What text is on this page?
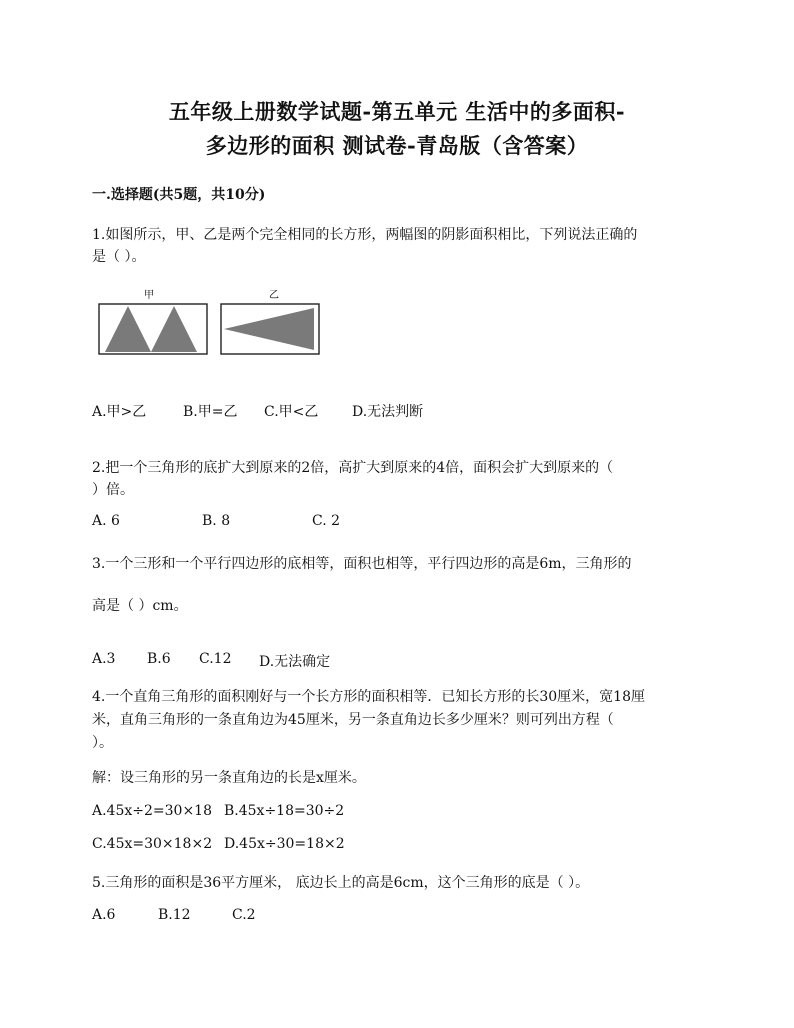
五年级上册数学试题-第五单元 生活中的多面积-
多边形的面积 测试卷-青岛版（含答案）
一.选择题(共5题，共10分)
1.如图所示，甲、乙是两个完全相同的长方形，两幅图的阴影面积相比，下列说法正确的
是（ ）。
甲	乙
A.甲>乙	B.甲=乙 C.甲<乙 D.无法判断
2.把一个三角形的底扩大到原来的2倍，高扩大到原来的4倍，面积会扩大到原来的（
）倍。
A. 6	B. 8	C. 2
3.一个三形和一个平行四边形的底相等，面积也相等，平行四边形的高是6m，三角形的
高是（ ）cm。
A.3 B.6 C.12 D.无法确定
4.一个直角三角形的面积刚好与一个长方形的面积相等．已知长方形的长30厘米，宽18厘
米，直角三角形的一条直角边为45厘米，另一条直角边长多少厘米？则可列出方程（
）。
解：设三角形的另一条直角边的长是x厘米。
A.45x÷2=30×18 B.45x÷18=30÷2
C.45x=30×18×2 D.45x÷30=18×2
5.三角形的面积是36平方厘米， 底边长上的高是6cm，这个三角形的底是（ ）。
A.6	B.12	C.2
